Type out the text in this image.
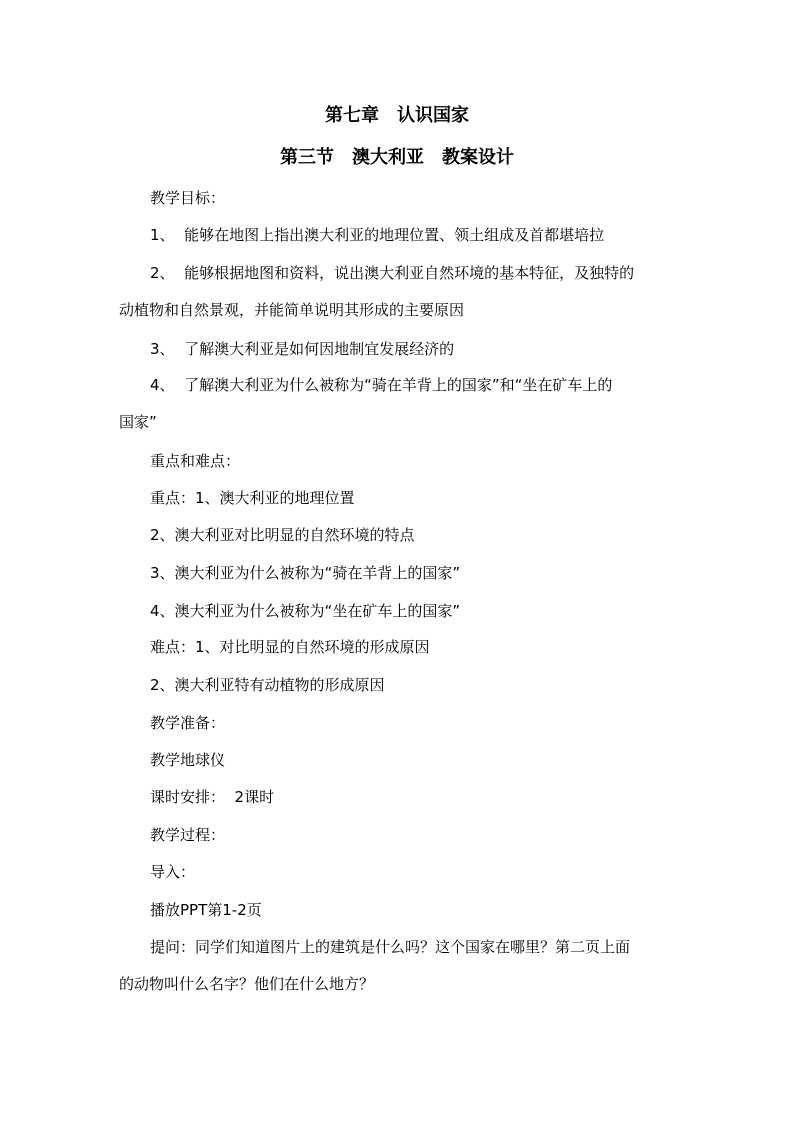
第七章　认识国家
第三节　澳大利亚　教案设计
教学目标：
1、  能够在地图上指出澳大利亚的地理位置、领土组成及首都堪培拉
2、  能够根据地图和资料，说出澳大利亚自然环境的基本特征，及独特的
动植物和自然景观，并能简单说明其形成的主要原因
3、  了解澳大利亚是如何因地制宜发展经济的
4、  了解澳大利亚为什么被称为“骑在羊背上的国家”和“坐在矿车上的
国家”
重点和难点：
重点：1、澳大利亚的地理位置
2、澳大利亚对比明显的自然环境的特点
3、澳大利亚为什么被称为“骑在羊背上的国家”
4、澳大利亚为什么被称为“坐在矿车上的国家”
难点：1、对比明显的自然环境的形成原因
2、澳大利亚特有动植物的形成原因
教学准备：
教学地球仪
课时安排：  2课时
教学过程：
导入：
播放PPT第1-2页
提问：同学们知道图片上的建筑是什么吗？这个国家在哪里？第二页上面
的动物叫什么名字？他们在什么地方？
